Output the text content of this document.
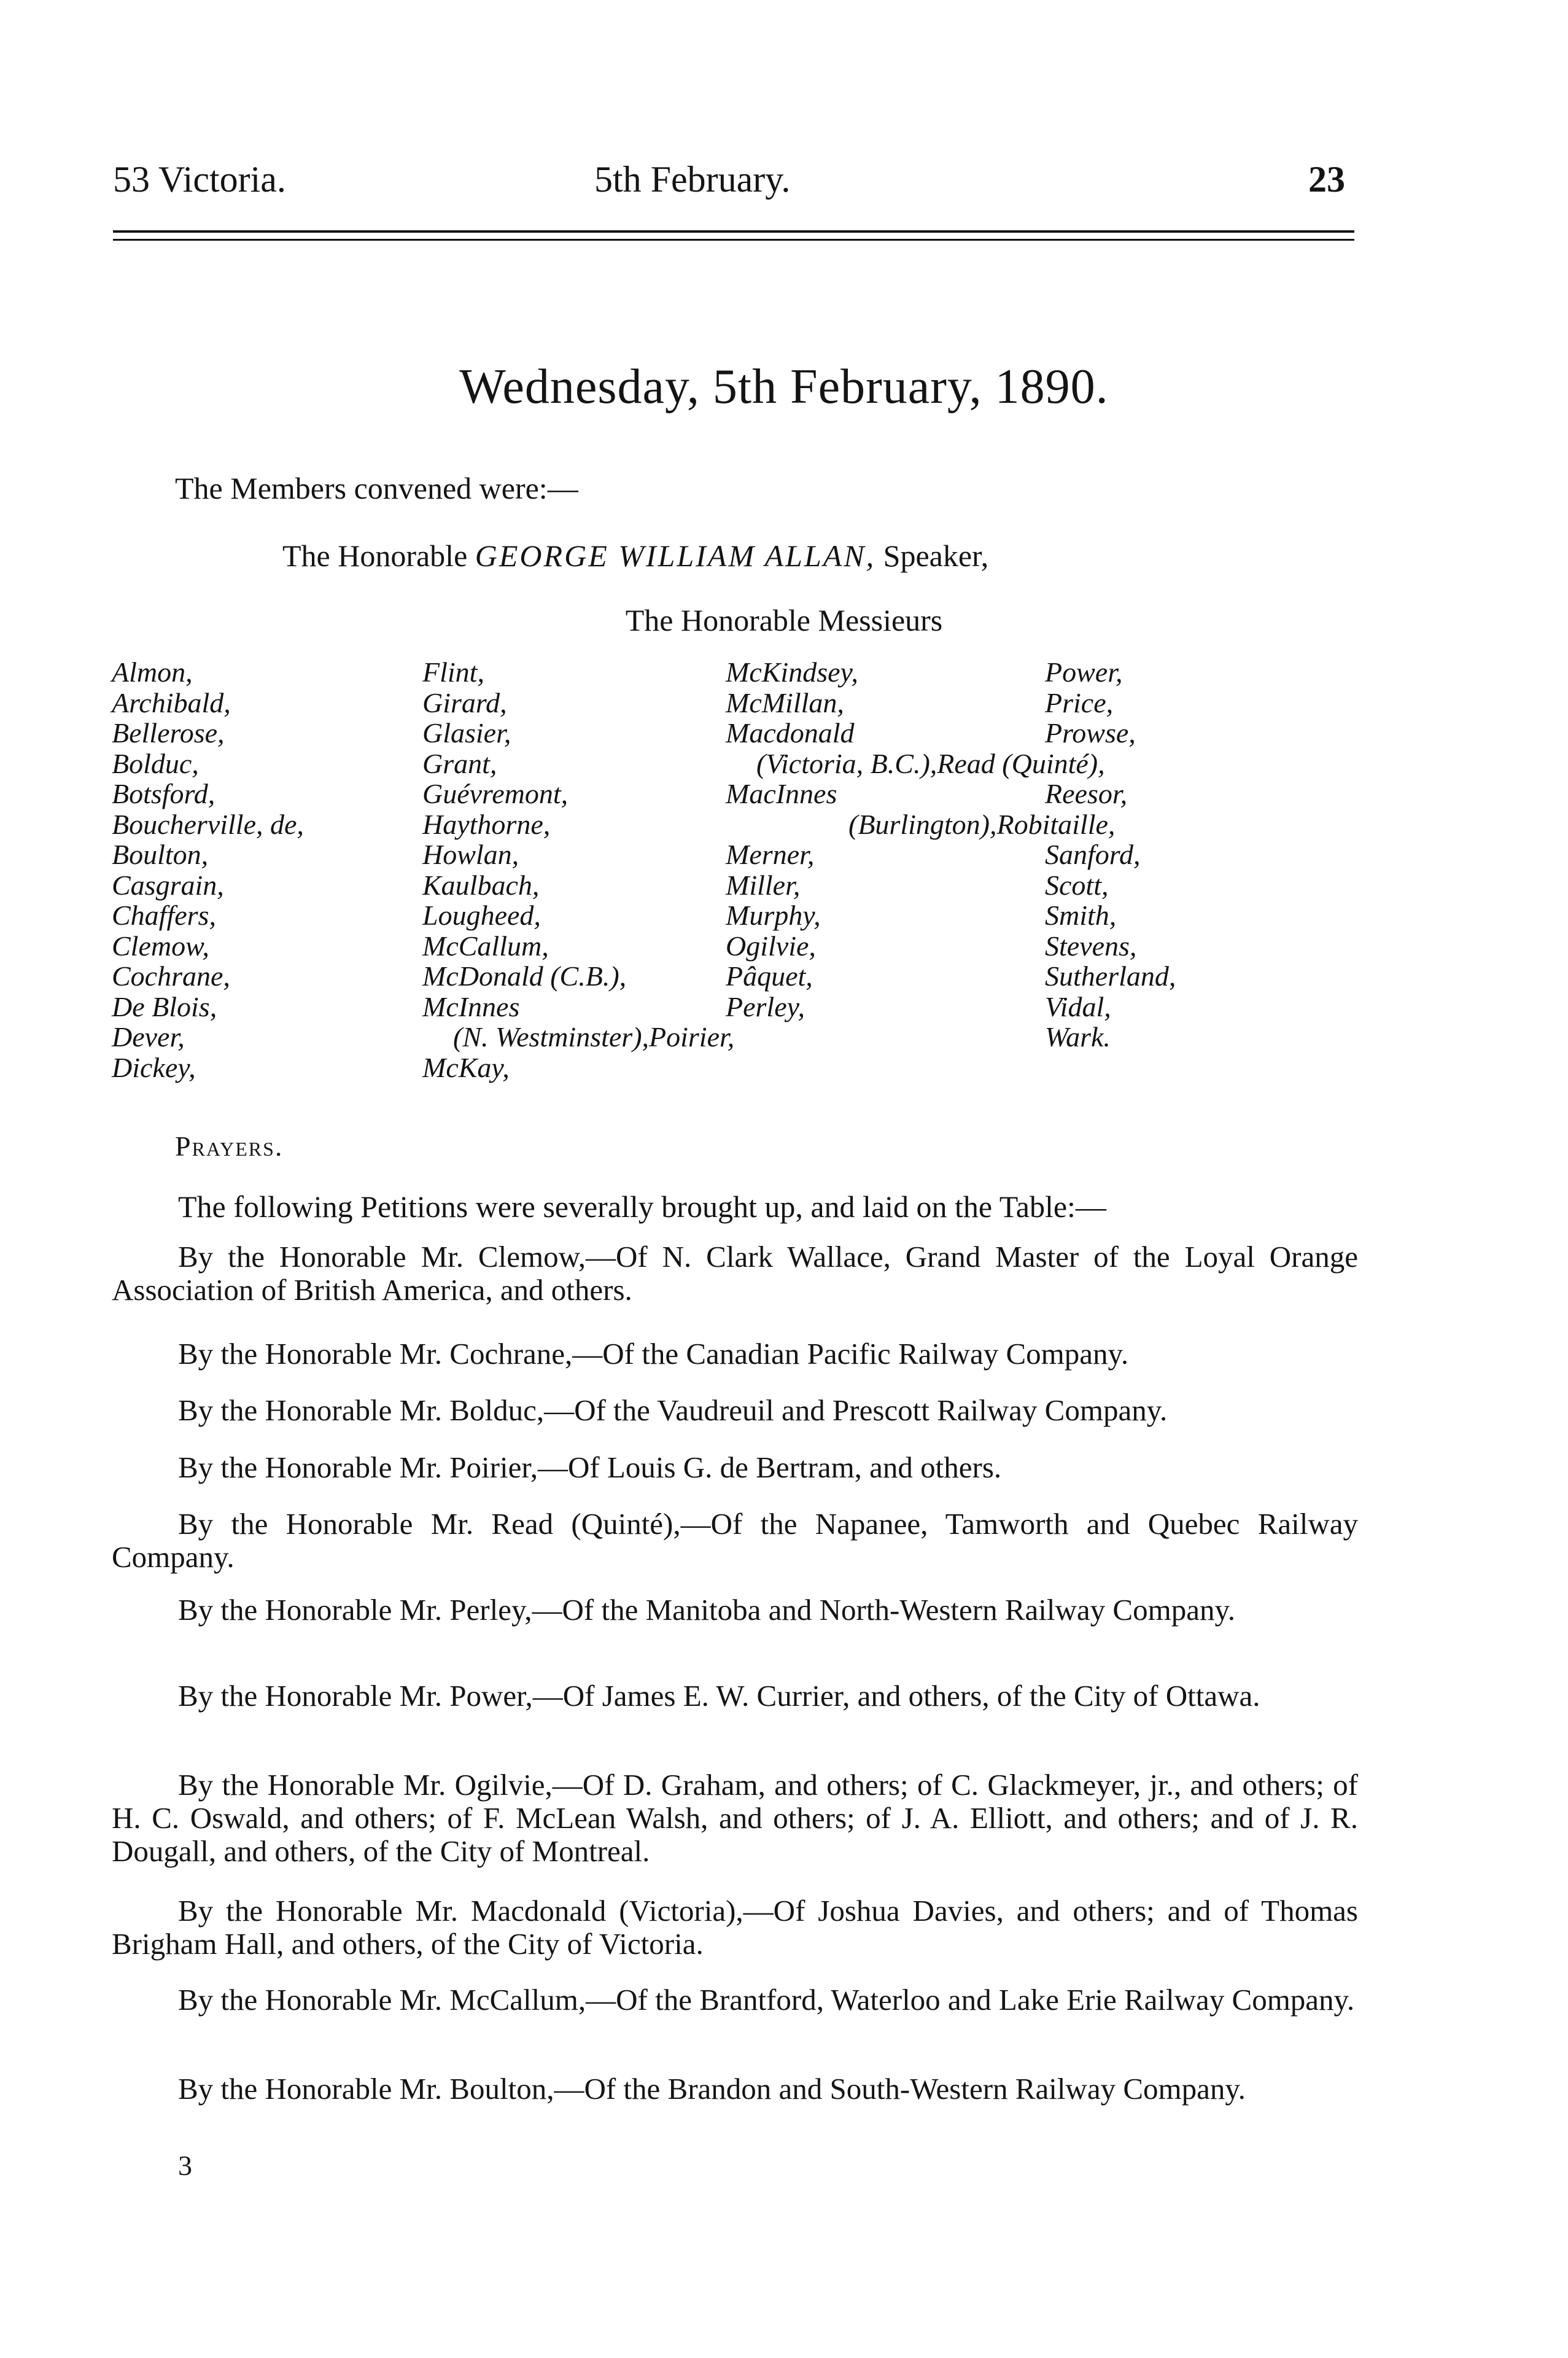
53 Victoria.	5th February.	23
Wednesday, 5th February, 1890.
The Members convened were:—
The Honorable GEORGE WILLIAM ALLAN, Speaker,
The Honorable Messieurs
Almon,
Archibald,
Bellerose,
Bolduc,
Botsford,
Boucherville, de,
Boulton,
Casgrain,
Chaffers,
Clemow,
Cochrane,
De Blois,
Dever,
Dickey,
Flint,
Girard,
Glasier,
Grant,
Guévremont,
Haythorne,
Howlan,
Kaulbach,
Lougheed,
McCallum,
McDonald (C.B.),
McInnes
(N. Westminster),Poirier,
McKay,
McKindsey,
McMillan,
Macdonald
(Victoria, B.C.),Read (Quinté),
MacInnes
(Burlington),Robitaille,
Merner,
Miller,
Murphy,
Ogilvie,
Pâquet,
Perley,
Power,
Price,
Prowse,

Reesor,

Sanford,
Scott,
Smith,
Stevens,
Sutherland,
Vidal,
Wark.
Prayers.
The following Petitions were severally brought up, and laid on the Table:—

By the Honorable Mr. Clemow,—Of N. Clark Wallace, Grand Master of the Loyal Orange Association of British America, and others.

By the Honorable Mr. Cochrane,—Of the Canadian Pacific Railway Company.

By the Honorable Mr. Bolduc,—Of the Vaudreuil and Prescott Railway Company.

By the Honorable Mr. Poirier,—Of Louis G. de Bertram, and others.

By the Honorable Mr. Read (Quinté),—Of the Napanee, Tamworth and Quebec Railway Company.

By the Honorable Mr. Perley,—Of the Manitoba and North-Western Railway Company.

By the Honorable Mr. Power,—Of James E. W. Currier, and others, of the City of Ottawa.

By the Honorable Mr. Ogilvie,—Of D. Graham, and others; of C. Glackmeyer, jr., and others; of H. C. Oswald, and others; of F. McLean Walsh, and others; of J. A. Elliott, and others; and of J. R. Dougall, and others, of the City of Montreal.

By the Honorable Mr. Macdonald (Victoria),—Of Joshua Davies, and others; and of Thomas Brigham Hall, and others, of the City of Victoria.

By the Honorable Mr. McCallum,—Of the Brantford, Waterloo and Lake Erie Railway Company.

By the Honorable Mr. Boulton,—Of the Brandon and South-Western Railway Company.

3
